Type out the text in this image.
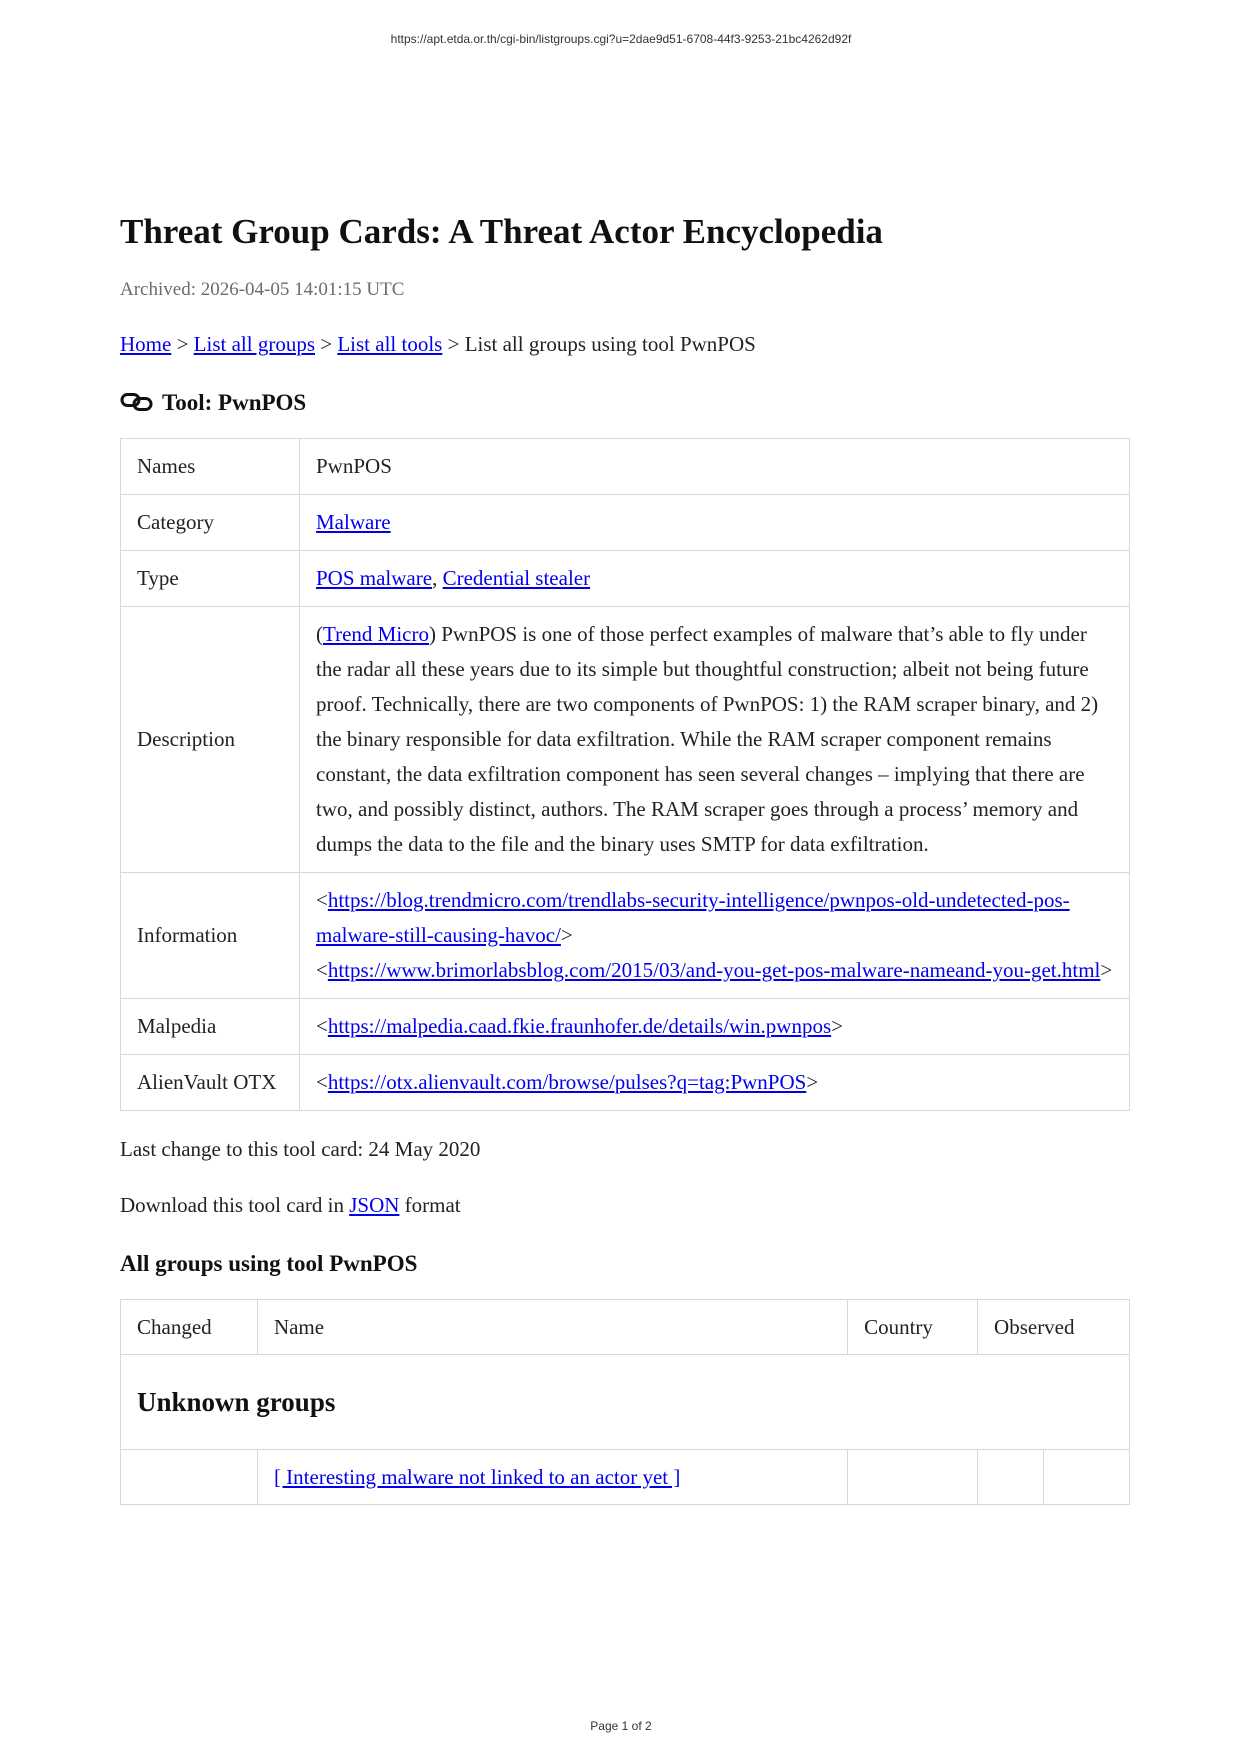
https://apt.etda.or.th/cgi-bin/listgroups.cgi?u=2dae9d51-6708-44f3-9253-21bc4262d92f
Threat Group Cards: A Threat Actor Encyclopedia
Archived: 2026-04-05 14:01:15 UTC
Home > List all groups > List all tools > List all groups using tool PwnPOS
Tool: PwnPOS
Names	PwnPOS
Category	Malware
Type	POS malware, Credential stealer
Description	(Trend Micro) PwnPOS is one of those perfect examples of malware that’s able to fly under the radar all these years due to its simple but thoughtful construction; albeit not being future proof. Technically, there are two components of PwnPOS: 1) the RAM scraper binary, and 2) the binary responsible for data exfiltration. While the RAM scraper component remains constant, the data exfiltration component has seen several changes – implying that there are two, and possibly distinct, authors. The RAM scraper goes through a process’ memory and dumps the data to the file and the binary uses SMTP for data exfiltration.
Information	<https://blog.trendmicro.com/trendlabs-security-intelligence/pwnpos-old-undetected-pos-malware-still-causing-havoc/>
<https://www.brimorlabsblog.com/2015/03/and-you-get-pos-malware-nameand-you-get.html>

Malpedia	<https://malpedia.caad.fkie.fraunhofer.de/details/win.pwnpos>
AlienVault OTX	<https://otx.alienvault.com/browse/pulses?q=tag:PwnPOS>

Last change to this tool card: 24 May 2020

Download this tool card in JSON format

All groups using tool PwnPOS
Changed	Name	Country	Observed	
Unknown groups				
	[ Interesting malware not linked to an actor yet ]			
Page 1 of 2
